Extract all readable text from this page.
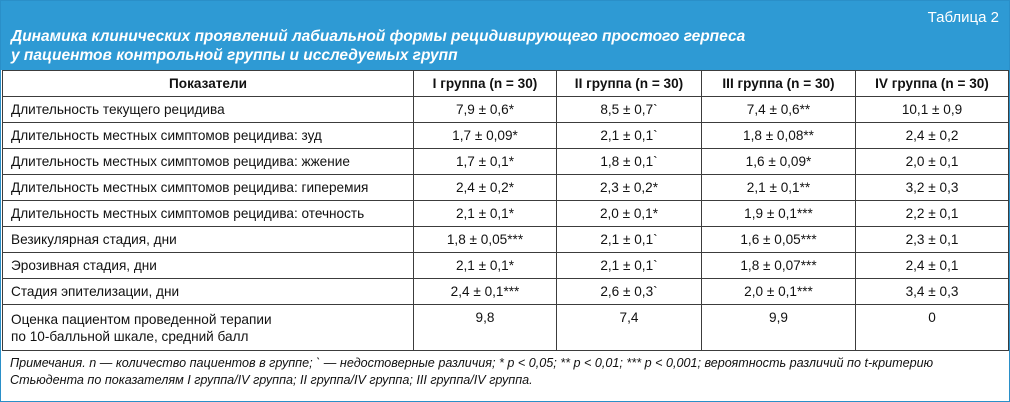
Таблица 2
Динамика клинических проявлений лабиальной формы рецидивирующего простого герпеса
у пациентов контрольной группы и исследуемых групп
Показатели	I группа (n = 30)	II группа (n = 30)	III группа (n = 30)	IV группа (n = 30)
Длительность текущего рецидива	7,9 ± 0,6*	8,5 ± 0,7`	7,4 ± 0,6**	10,1 ± 0,9
Длительность местных симптомов рецидива: зуд	1,7 ± 0,09*	2,1 ± 0,1`	1,8 ± 0,08**	2,4 ± 0,2
Длительность местных симптомов рецидива: жжение	1,7 ± 0,1*	1,8 ± 0,1`	1,6 ± 0,09*	2,0 ± 0,1
Длительность местных симптомов рецидива: гиперемия	2,4 ± 0,2*	2,3 ± 0,2*	2,1 ± 0,1**	3,2 ± 0,3
Длительность местных симптомов рецидива: отечность	2,1 ± 0,1*	2,0 ± 0,1*	1,9 ± 0,1***	2,2 ± 0,1
Везикулярная стадия, дни	1,8 ± 0,05***	2,1 ± 0,1`	1,6 ± 0,05***	2,3 ± 0,1
Эрозивная стадия, дни	2,1 ± 0,1*	2,1 ± 0,1`	1,8 ± 0,07***	2,4 ± 0,1
Стадия эпителизации, дни	2,4 ± 0,1***	2,6 ± 0,3`	2,0 ± 0,1***	3,4 ± 0,3

Оценка пациентом проведенной терапии
по 10-балльной шкале, средний балл	9,8	7,4	9,9	0
Примечания. n — количество пациентов в группе; ` — недостоверные различия; * p < 0,05; ** p < 0,01; *** p < 0,001; вероятность различий по t-критерию
Стьюдента по показателям I группа/IV группа; II группа/IV группа; III группа/IV группа.
